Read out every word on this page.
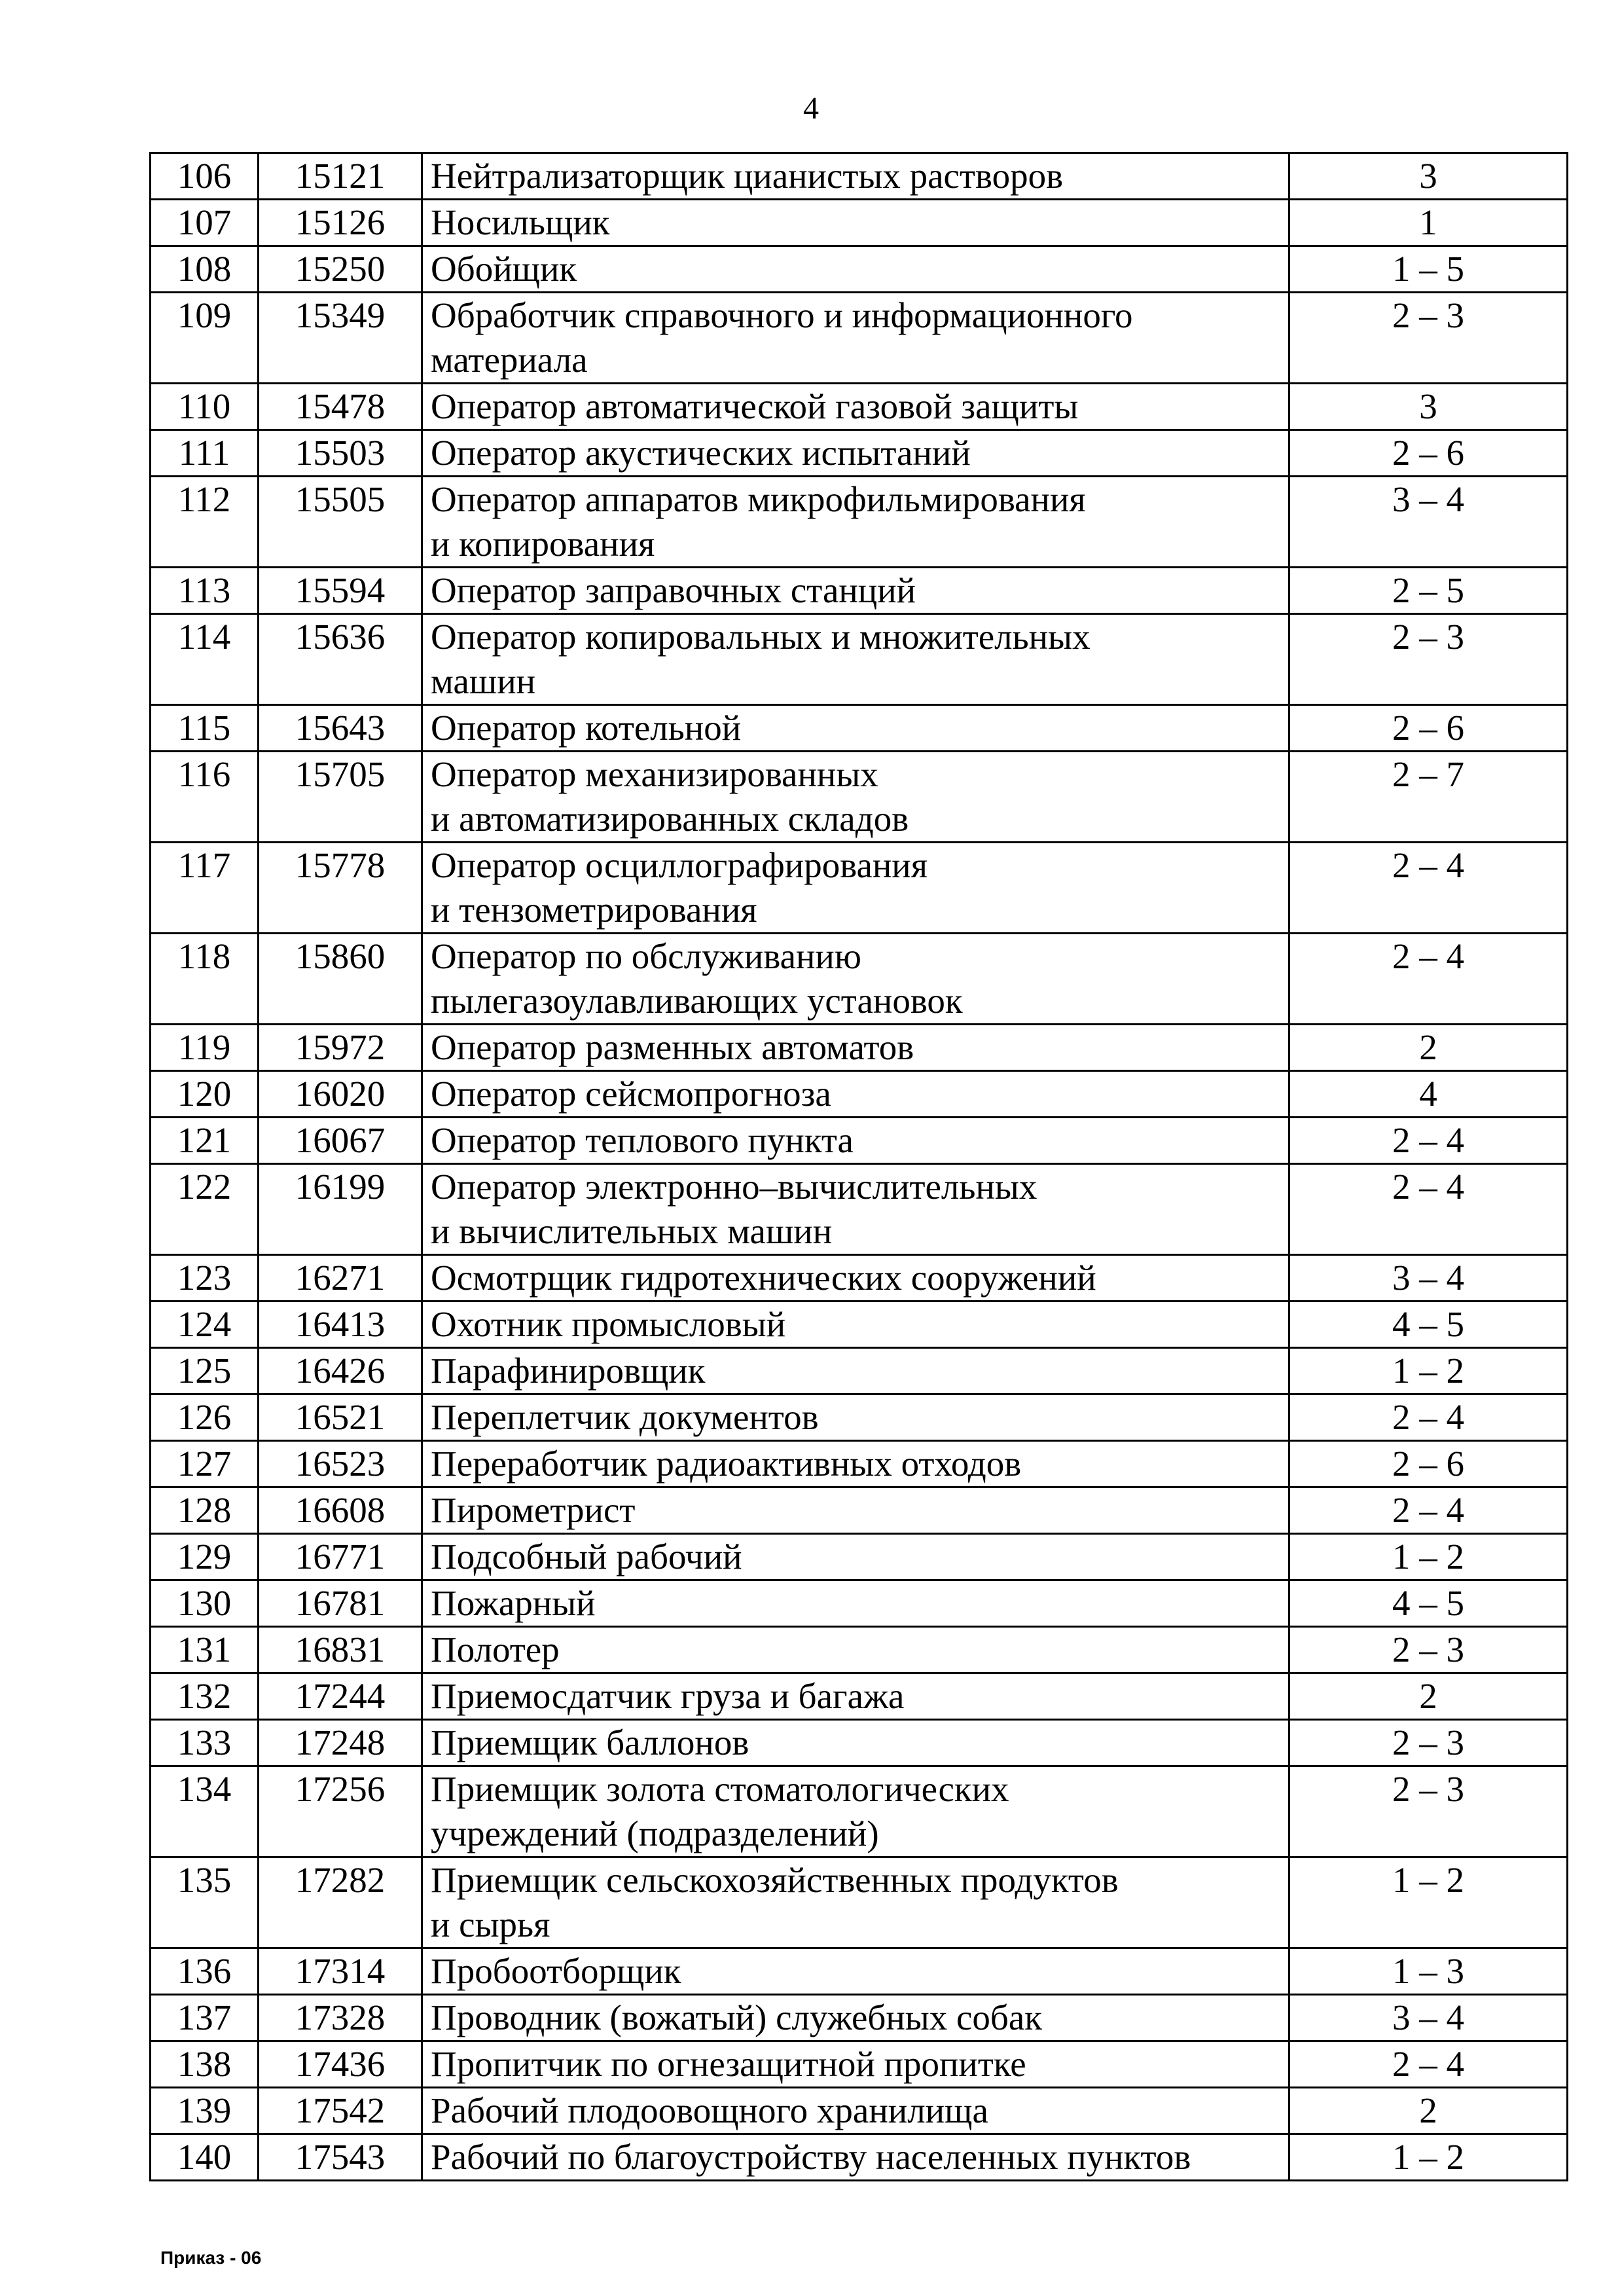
4
106	15121	Нейтрализаторщик цианистых растворов	3
107	15126	Носильщик	1
108	15250	Обойщик	1 – 5
109	15349	Обработчик справочного и информационного
материала	2 – 3
110	15478	Оператор автоматической газовой защиты	3
111	15503	Оператор акустических испытаний	2 – 6
112	15505	Оператор аппаратов микрофильмирования
и копирования	3 – 4
113	15594	Оператор заправочных станций	2 – 5
114	15636	Оператор копировальных и множительных
машин	2 – 3
115	15643	Оператор котельной	2 – 6
116	15705	Оператор механизированных
и автоматизированных складов	2 – 7
117	15778	Оператор осциллографирования
и тензометрирования	2 – 4
118	15860	Оператор по обслуживанию
пылегазоулавливающих установок	2 – 4
119	15972	Оператор разменных автоматов	2
120	16020	Оператор сейсмопрогноза	4
121	16067	Оператор теплового пункта	2 – 4
122	16199	Оператор электронно–вычислительных
и вычислительных машин	2 – 4
123	16271	Осмотрщик гидротехнических сооружений	3 – 4
124	16413	Охотник промысловый	4 – 5
125	16426	Парафинировщик	1 – 2
126	16521	Переплетчик документов	2 – 4
127	16523	Переработчик радиоактивных отходов	2 – 6
128	16608	Пирометрист	2 – 4
129	16771	Подсобный рабочий	1 – 2
130	16781	Пожарный	4 – 5
131	16831	Полотер	2 – 3
132	17244	Приемосдатчик груза и багажа	2
133	17248	Приемщик баллонов	2 – 3
134	17256	Приемщик золота стоматологических
учреждений (подразделений)	2 – 3
135	17282	Приемщик сельскохозяйственных продуктов
и сырья	1 – 2
136	17314	Пробоотборщик	1 – 3
137	17328	Проводник (вожатый) служебных собак	3 – 4
138	17436	Пропитчик по огнезащитной пропитке	2 – 4
139	17542	Рабочий плодоовощного хранилища	2
140	17543	Рабочий по благоустройству населенных пунктов	1 – 2
Приказ - 06
